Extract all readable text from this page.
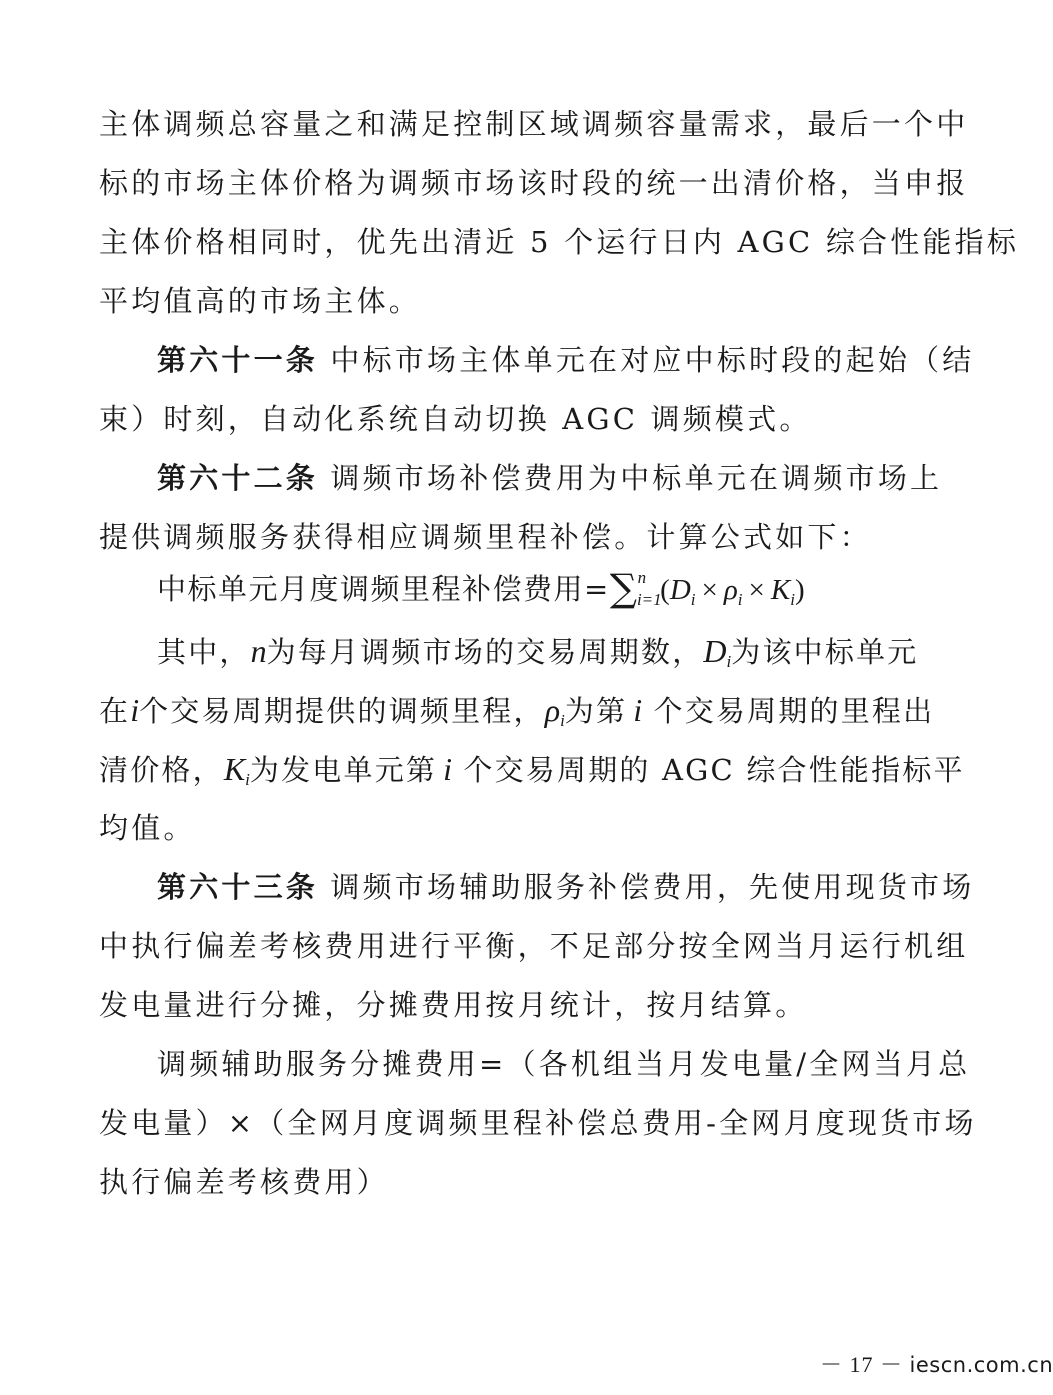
主体调频总容量之和满足控制区域调频容量需求，最后一个中
标的市场主体价格为调频市场该时段的统一出清价格，当申报
主体价格相同时，优先出清近 5 个运行日内 AGC 综合性能指标
平均值高的市场主体。
第六十一条 中标市场主体单元在对应中标时段的起始（结
束）时刻，自动化系统自动切换 AGC 调频模式。
第六十二条 调频市场补偿费用为中标单元在调频市场上
提供调频服务获得相应调频里程补偿。计算公式如下：
中标单元月度调频里程补偿费用$=\sum_{i=1}^n$ $(D_i \times \rho_i \times K_i)$
其中，n为每月调频市场的交易周期数，Di为该中标单元
在i个交易周期提供的调频里程，ρi为第 i 个交易周期的里程出
清价格，Ki为发电单元第 i 个交易周期的 AGC 综合性能指标平
均值。
第六十三条 调频市场辅助服务补偿费用，先使用现货市场
中执行偏差考核费用进行平衡，不足部分按全网当月运行机组
发电量进行分摊，分摊费用按月统计，按月结算。
调频辅助服务分摊费用=（各机组当月发电量/全网当月总
发电量）×（全网月度调频里程补偿总费用-全网月度现货市场
执行偏差考核费用）
－ 17 － iescn.com.cn
